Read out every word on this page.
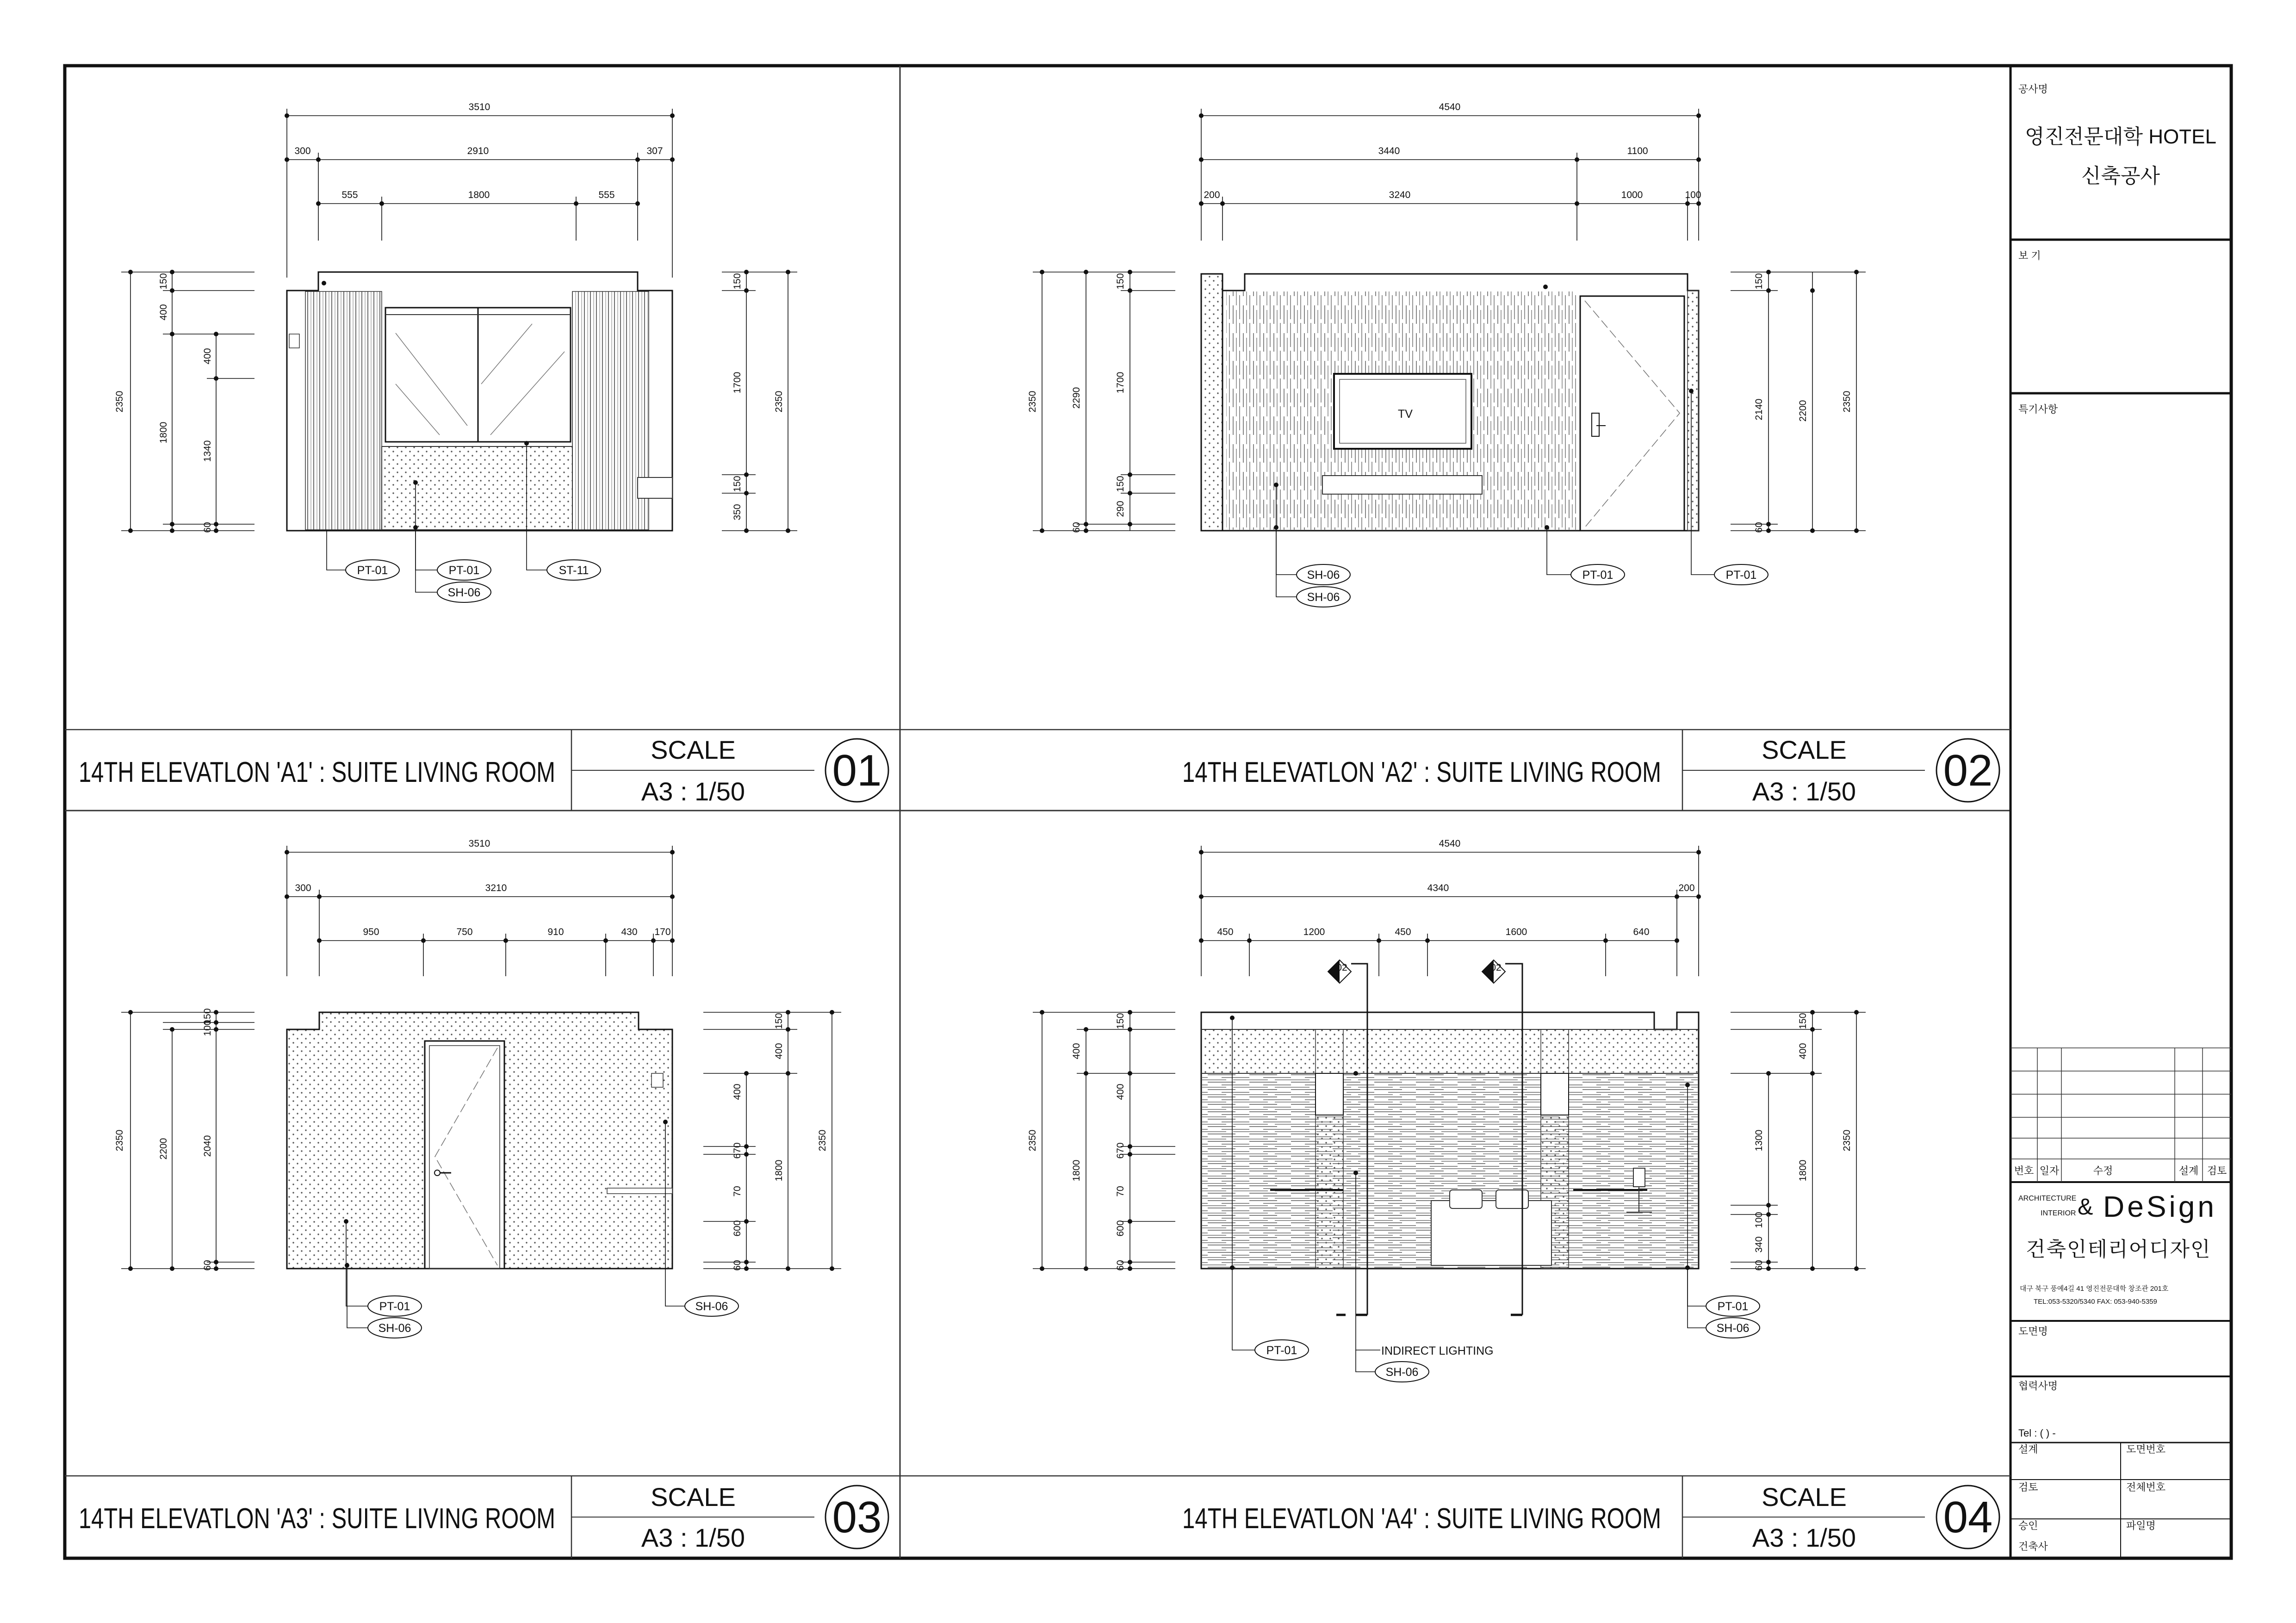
14TH ELEVATLON 'A1' : SUITE LIVING ROOM
SCALE
A3 : 1/50 01	14TH ELEVATLON 'A2' : SUITE LIVING ROOM
SCALE
A3 : 1/50 02
14TH ELEVATLON 'A3' : SUITE LIVING ROOM
SCALE
A3 : 1/50 03	14TH ELEVATLON 'A4' : SUITE LIVING ROOM
SCALE
A3 : 1/50 04
PT-01	PT-01
SH-06
ST-11
3510
300	2910	307
555	1800	555
2350
150
400
1800
60
400
1340
150
1700
150
350
2350
TV
SH-06
SH-06
PT-01	PT-01
4540
3440	1100
200	3240	1000	100
2350	2290
60
150
1700
150
290
150
2140
60
2200	2350
PT-01
SH-06
SH-06
3510
300	3210
950	750	910	430 170
2350	2200
100
150
2040
60
400
670
70
600
60
150
400
1800
2350
02	02
PT-01	INDIRECT LIGHTING
SH-06
PT-01
SH-06
4540
4340	200
450	1200	450	1600	640
2350
400
1800
150
400
670
70
600
60
400
1300
100
340
60
150
1800
2350
공사명
영진전문대학 HOTEL
신축공사
보 기
특기사항
번호 일자	수정	설계 검토
ARCHITECTURE
INTERIOR & DeSign
건축인테리어디자인
대구 북구 풍예4길 41 영진전문대학 창조관 201호
TEL:053-5320/5340 FAX: 053-940-5359
도면명
협력사명
Tel : ( ) -
설계	도면번호
검토	전체번호
승인	파일명
건축사
